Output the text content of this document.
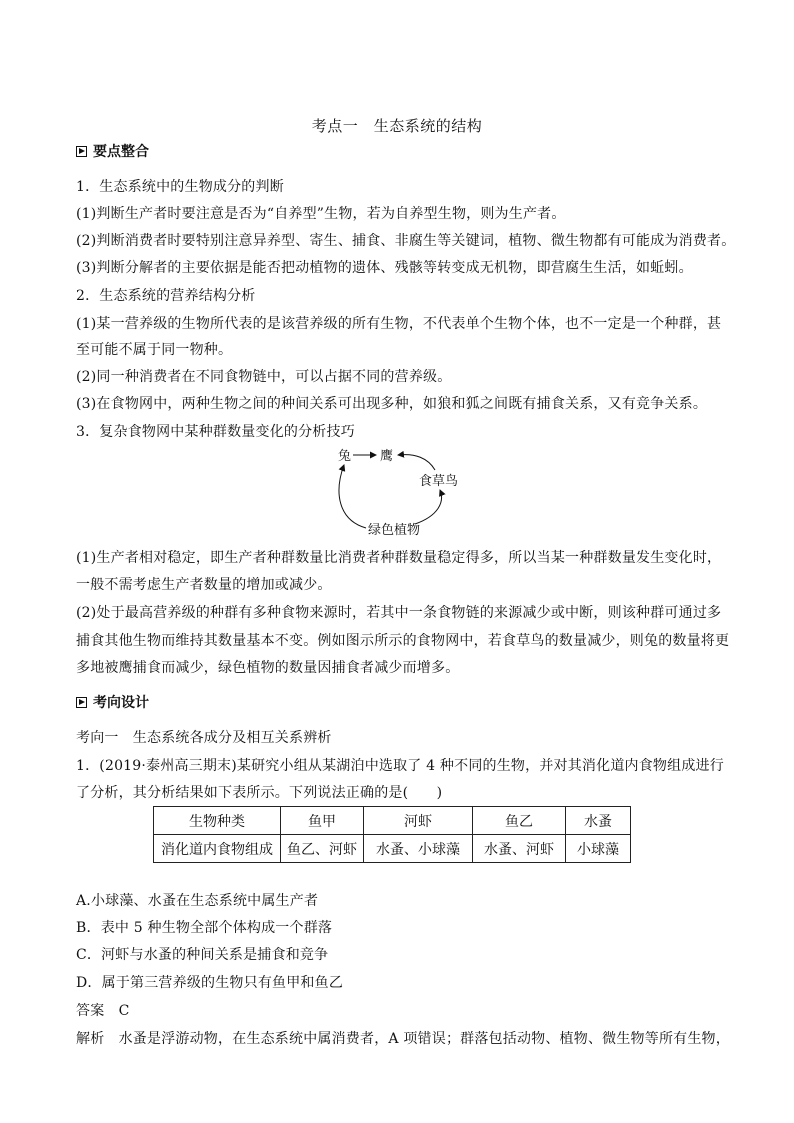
考点一　生态系统的结构
要点整合
1．生态系统中的生物成分的判断
(1)判断生产者时要注意是否为“自养型”生物，若为自养型生物，则为生产者。
(2)判断消费者时要特别注意异养型、寄生、捕食、非腐生等关键词，植物、微生物都有可能成为消费者。
(3)判断分解者的主要依据是能否把动植物的遗体、残骸等转变成无机物，即营腐生生活，如蚯蚓。
2．生态系统的营养结构分析
(1)某一营养级的生物所代表的是该营养级的所有生物，不代表单个生物个体，也不一定是一个种群，甚
至可能不属于同一物种。
(2)同一种消费者在不同食物链中，可以占据不同的营养级。
(3)在食物网中，两种生物之间的种间关系可出现多种，如狼和狐之间既有捕食关系，又有竞争关系。
3．复杂食物网中某种群数量变化的分析技巧
兔 鹰
食草鸟
绿色植物
(1)生产者相对稳定，即生产者种群数量比消费者种群数量稳定得多，所以当某一种群数量发生变化时，
一般不需考虑生产者数量的增加或减少。
(2)处于最高营养级的种群有多种食物来源时，若其中一条食物链的来源减少或中断，则该种群可通过多
捕食其他生物而维持其数量基本不变。例如图示所示的食物网中，若食草鸟的数量减少，则兔的数量将更
多地被鹰捕食而减少，绿色植物的数量因捕食者减少而增多。
考向设计
考向一　生态系统各成分及相互关系辨析
1．(2019·泰州高三期末)某研究小组从某湖泊中选取了 4 种不同的生物，并对其消化道内食物组成进行
了分析，其分析结果如下表所示。下列说法正确的是(　　)
生物种类	鱼甲	河虾	鱼乙	水蚤
消化道内食物组成	鱼乙、河虾	水蚤、小球藻	水蚤、河虾	小球藻
A.小球藻、水蚤在生态系统中属生产者
B．表中 5 种生物全部个体构成一个群落
C．河虾与水蚤的种间关系是捕食和竞争
D．属于第三营养级的生物只有鱼甲和鱼乙
答案　C
解析　水蚤是浮游动物，在生态系统中属消费者，A 项错误；群落包括动物、植物、微生物等所有生物，
